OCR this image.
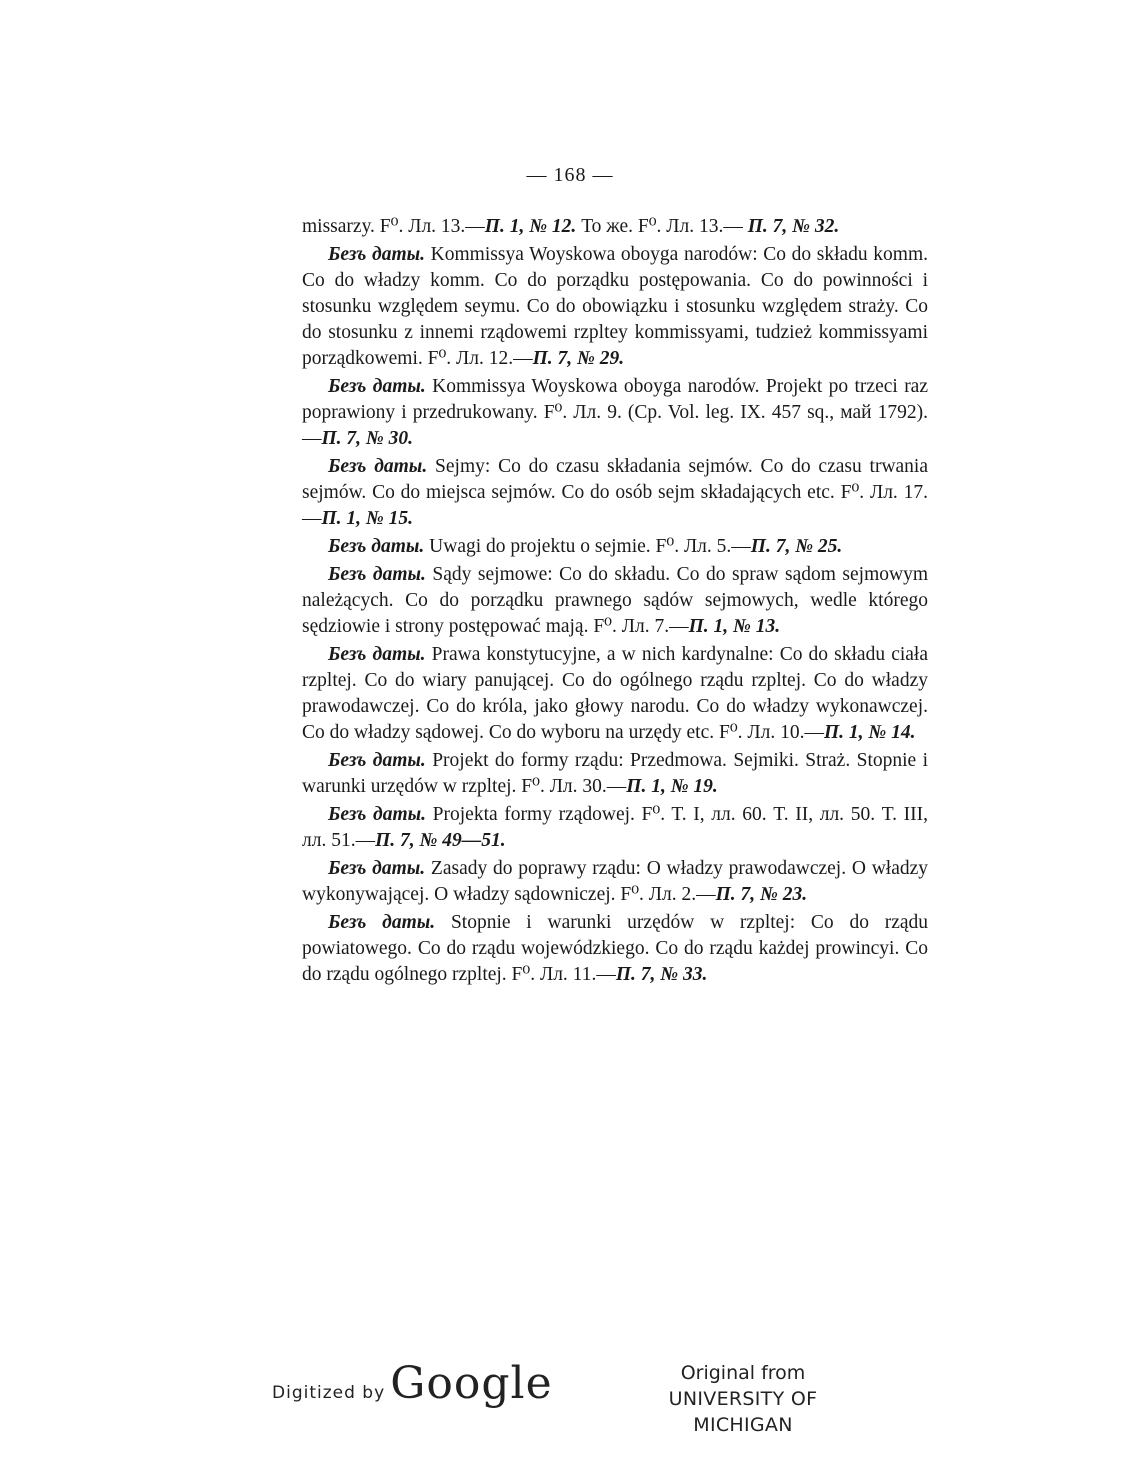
— 168 —

missarzy. F⁰. Лл. 13.—П. 1, № 12. То же. F⁰. Лл. 13.— П. 7, № 32.

Безъ даты. Kommissya Woyskowa oboyga narodów: Co do składu komm. Co do władzy komm. Co do porządku postępowania. Co do powinności i stosunku względem seymu. Co do obowiązku i stosunku względem straży. Co do stosunku z innemi rządowemi rzpltey kommissyami, tudzież kommissyami porządkowemi. F⁰. Лл. 12.—П. 7, № 29.

Безъ даты. Kommissya Woyskowa oboyga narodów. Projekt po trzeci raz poprawiony i przedrukowany. F⁰. Лл. 9. (Cp. Vol. leg. IX. 457 sq., май 1792).—П. 7, № 30.

Безъ даты. Sejmy: Co do czasu składania sejmów. Co do czasu trwania sejmów. Co do miejsca sejmów. Co do osób sejm składających etc. F⁰. Лл. 17.—П. 1, № 15.

Безъ даты. Uwagi do projektu o sejmie. F⁰. Лл. 5.—П. 7, № 25.

Безъ даты. Sądy sejmowe: Co do składu. Co do spraw sądom sejmowym należących. Co do porządku prawnego sądów sejmowych, wedle którego sędziowie i strony postępować mają. F⁰. Лл. 7.—П. 1, № 13.

Безъ даты. Prawa konstytucyjne, a w nich kardynalne: Co do składu ciała rzpltej. Co do wiary panującej. Co do ogólnego rządu rzpltej. Co do władzy prawodawczej. Co do króla, jako głowy narodu. Co do władzy wykonawczej. Co do władzy sądowej. Co do wyboru na urzędy etc. F⁰. Лл. 10.—П. 1, № 14.

Безъ даты. Projekt do formy rządu: Przedmowa. Sejmiki. Straż. Stopnie i warunki urzędów w rzpltej. F⁰. Лл. 30.—П. 1, № 19.

Безъ даты. Projekta formy rządowej. F⁰. T. I, лл. 60. T. II, лл. 50. T. III, лл. 51.—П. 7, № 49—51.

Безъ даты. Zasady do poprawy rządu: O władzy prawodawczej. O władzy wykonywającej. O władzy sądowniczej. F⁰. Лл. 2.—П. 7, № 23.

Безъ даты. Stopnie i warunki urzędów w rzpltej: Co do rządu powiatowego. Co do rządu wojewódzkiego. Co do rządu każdej prowincyi. Co do rządu ogólnego rzpltej. F⁰. Лл. 11.—П. 7, № 33.

Digitized by Google	Original from
UNIVERSITY OF MICHIGAN
